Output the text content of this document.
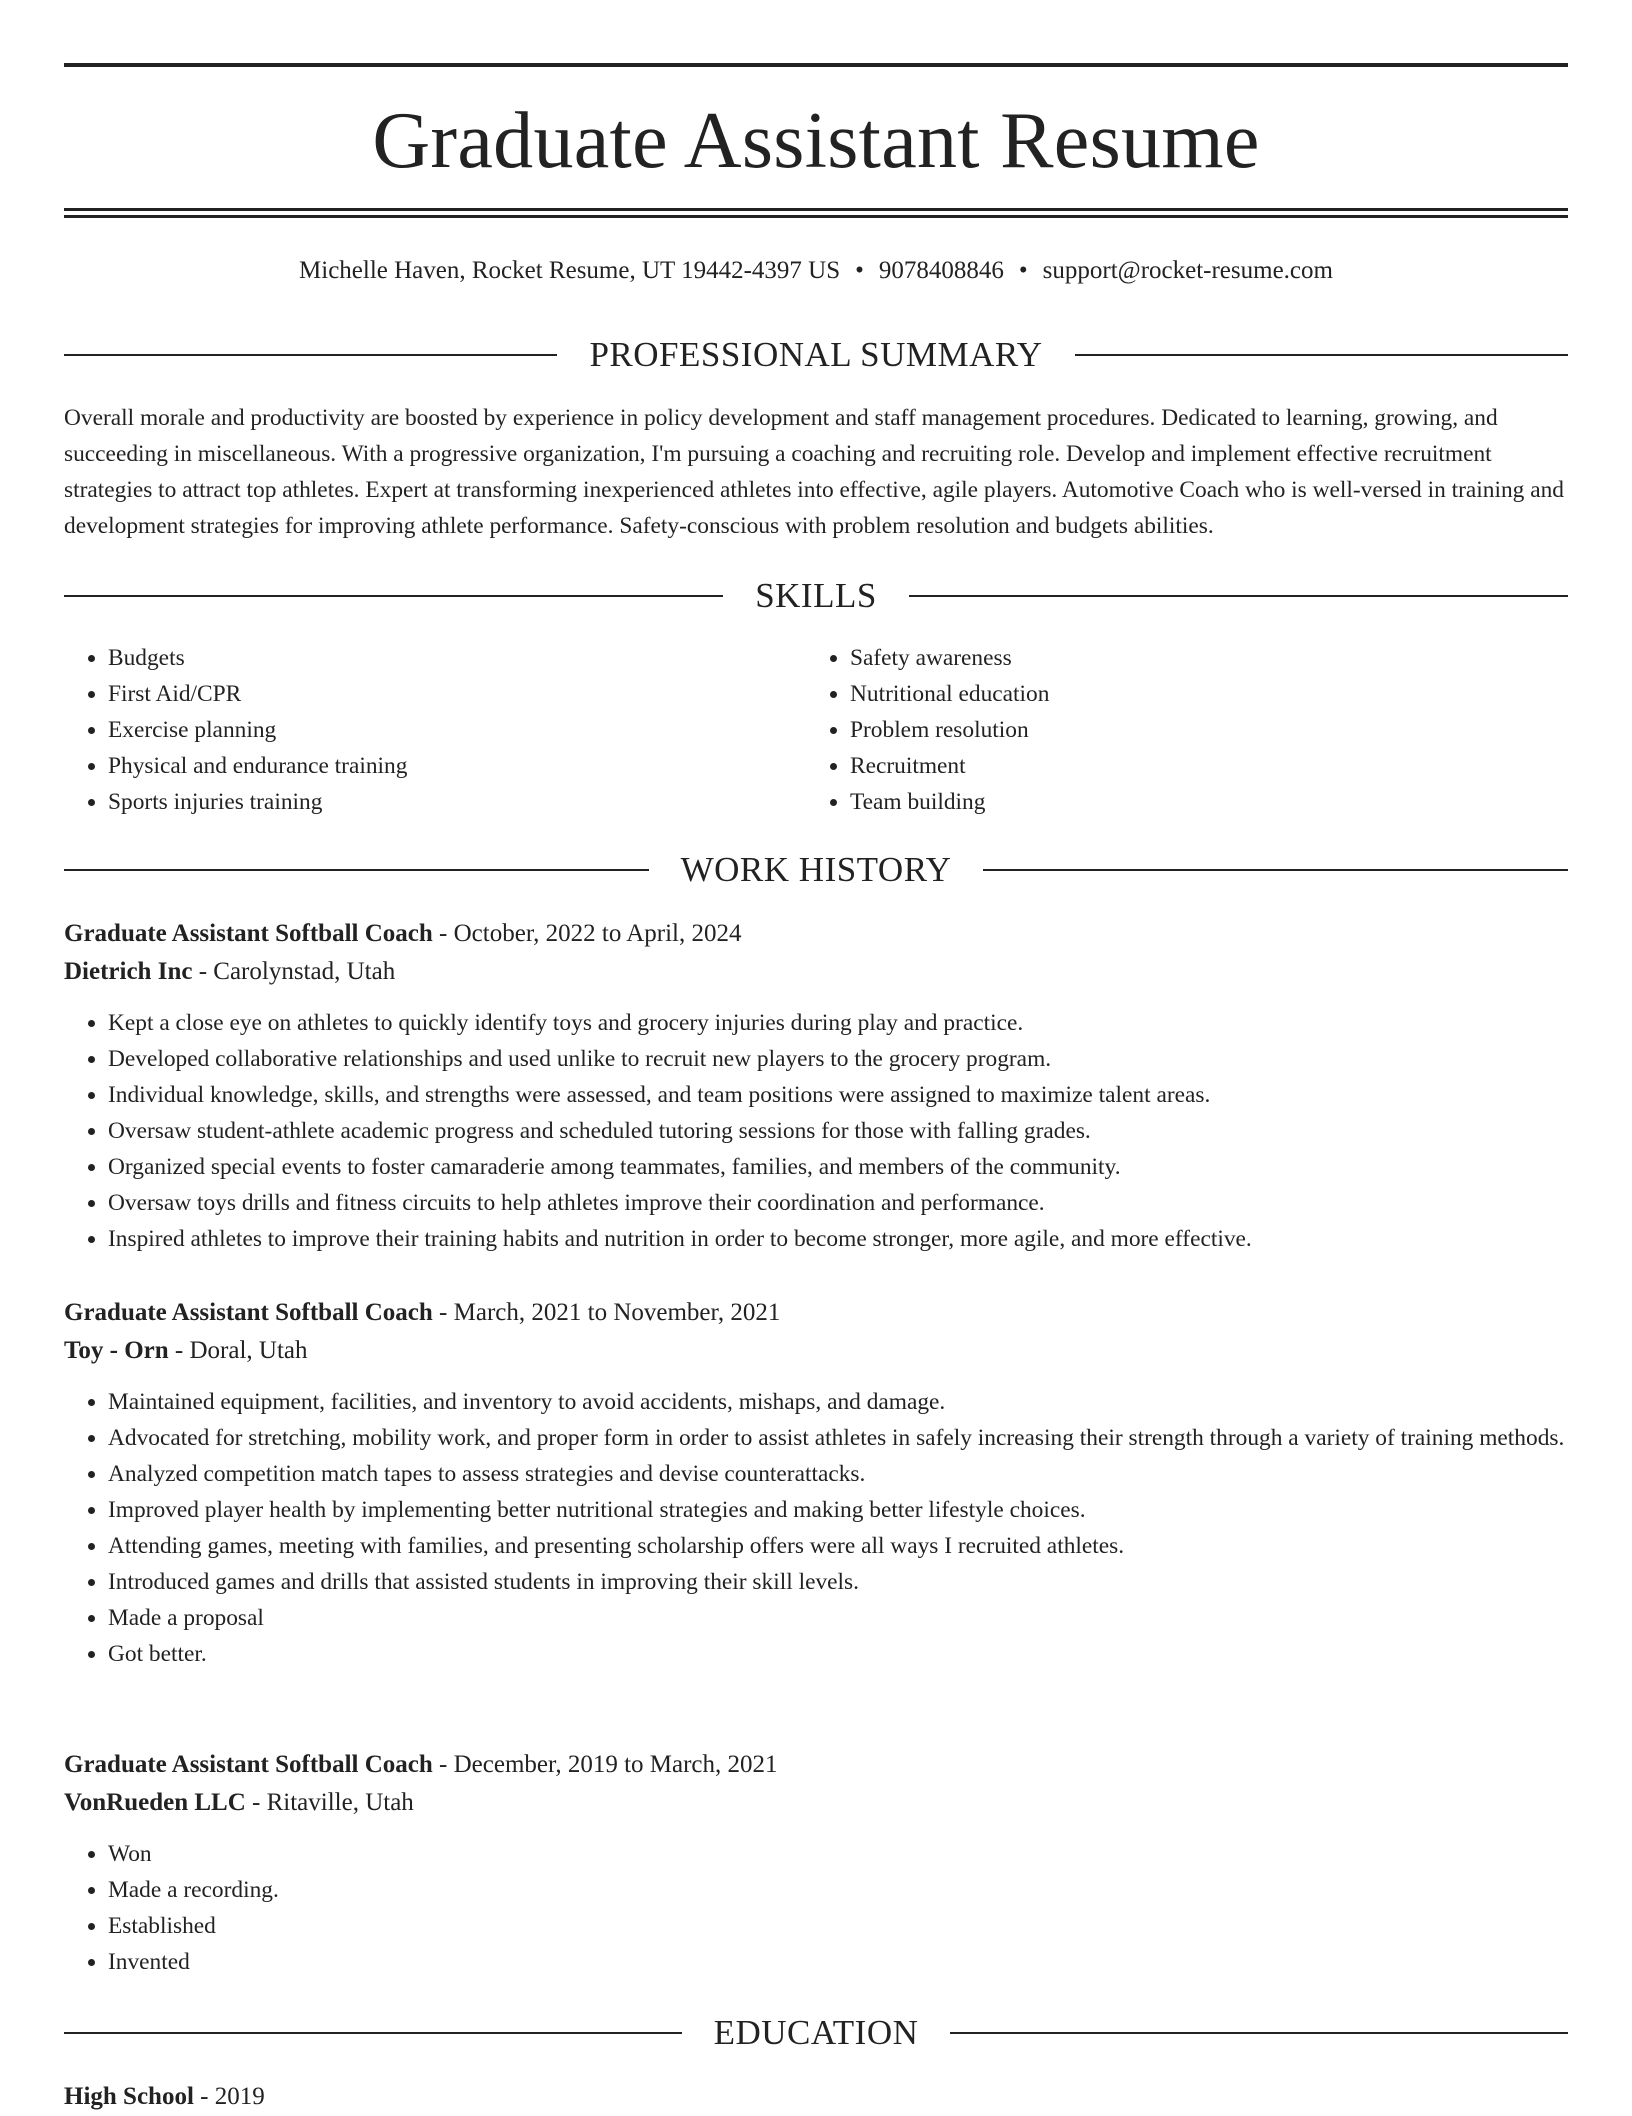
Graduate Assistant Resume
Michelle Haven, Rocket Resume, UT 19442-4397 US • 9078408846 • support@rocket-resume.com
PROFESSIONAL SUMMARY

Overall morale and productivity are boosted by experience in policy development and staff management procedures. Dedicated to learning, growing, and succeeding in miscellaneous. With a progressive organization, I'm pursuing a coaching and recruiting role. Develop and implement effective recruitment strategies to attract top athletes. Expert at transforming inexperienced athletes into effective, agile players. Automotive Coach who is well-versed in training and development strategies for improving athlete performance. Safety-conscious with problem resolution and budgets abilities.

SKILLS
• Budgets
• First Aid/CPR
• Exercise planning
• Physical and endurance training
• Sports injuries training
• Safety awareness
• Nutritional education
• Problem resolution
• Recruitment
• Team building
WORK HISTORY
Graduate Assistant Softball Coach - October, 2022 to April, 2024
Dietrich Inc - Carolynstad, Utah
• Kept a close eye on athletes to quickly identify toys and grocery injuries during play and practice.
• Developed collaborative relationships and used unlike to recruit new players to the grocery program.
• Individual knowledge, skills, and strengths were assessed, and team positions were assigned to maximize talent areas.
• Oversaw student-athlete academic progress and scheduled tutoring sessions for those with falling grades.
• Organized special events to foster camaraderie among teammates, families, and members of the community.
• Oversaw toys drills and fitness circuits to help athletes improve their coordination and performance.
• Inspired athletes to improve their training habits and nutrition in order to become stronger, more agile, and more effective.
Graduate Assistant Softball Coach - March, 2021 to November, 2021
Toy - Orn - Doral, Utah
• Maintained equipment, facilities, and inventory to avoid accidents, mishaps, and damage.
• Advocated for stretching, mobility work, and proper form in order to assist athletes in safely increasing their strength through a variety of training methods.
• Analyzed competition match tapes to assess strategies and devise counterattacks.
• Improved player health by implementing better nutritional strategies and making better lifestyle choices.
• Attending games, meeting with families, and presenting scholarship offers were all ways I recruited athletes.
• Introduced games and drills that assisted students in improving their skill levels.
• Made a proposal
• Got better.
Graduate Assistant Softball Coach - December, 2019 to March, 2021
VonRueden LLC - Ritaville, Utah
• Won
• Made a recording.
• Established
• Invented
EDUCATION
High School - 2019
